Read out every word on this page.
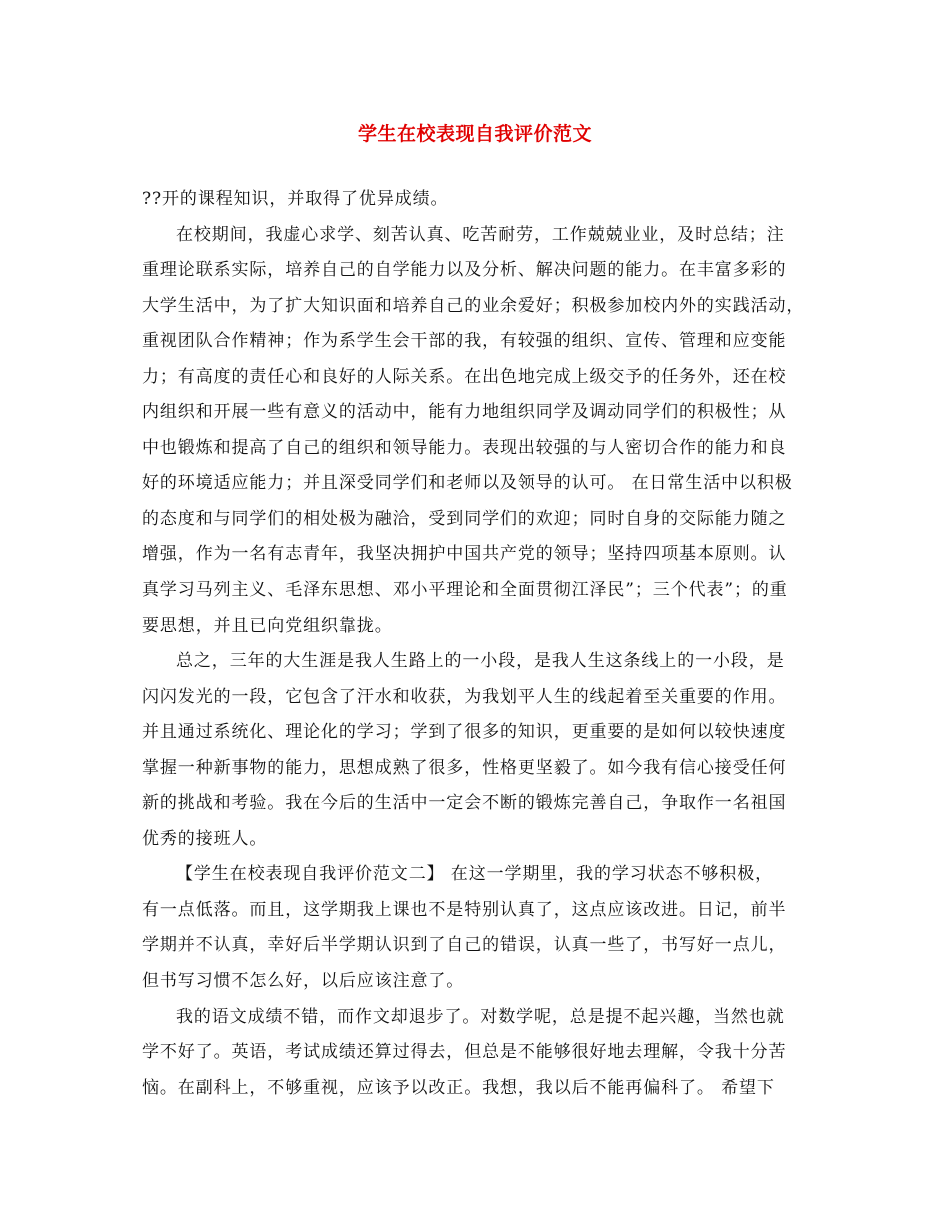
学生在校表现自我评价范文
??开的课程知识，并取得了优异成绩。
在校期间，我虚心求学、刻苦认真、吃苦耐劳，工作兢兢业业，及时总结；注
重理论联系实际，培养自己的自学能力以及分析、解决问题的能力。在丰富多彩的
大学生活中，为了扩大知识面和培养自己的业余爱好；积极参加校内外的实践活动，
重视团队合作精神；作为系学生会干部的我，有较强的组织、宣传、管理和应变能
力；有高度的责任心和良好的人际关系。在出色地完成上级交予的任务外，还在校
内组织和开展一些有意义的活动中，能有力地组织同学及调动同学们的积极性；从
中也锻炼和提高了自己的组织和领导能力。表现出较强的与人密切合作的能力和良
好的环境适应能力；并且深受同学们和老师以及领导的认可。 在日常生活中以积极
的态度和与同学们的相处极为融洽，受到同学们的欢迎；同时自身的交际能力随之
增强，作为一名有志青年，我坚决拥护中国共产党的领导；坚持四项基本原则。认
真学习马列主义、毛泽东思想、邓小平理论和全面贯彻江泽民”；三个代表”；的重
要思想，并且已向党组织靠拢。
总之，三年的大生涯是我人生路上的一小段，是我人生这条线上的一小段，是
闪闪发光的一段，它包含了汗水和收获，为我划平人生的线起着至关重要的作用。
并且通过系统化、理论化的学习；学到了很多的知识，更重要的是如何以较快速度
掌握一种新事物的能力，思想成熟了很多，性格更坚毅了。如今我有信心接受任何
新的挑战和考验。我在今后的生活中一定会不断的锻炼完善自己，争取作一名祖国
优秀的接班人。
【学生在校表现自我评价范文二】 在这一学期里，我的学习状态不够积极，
有一点低落。而且，这学期我上课也不是特别认真了，这点应该改进。日记，前半
学期并不认真，幸好后半学期认识到了自己的错误，认真一些了，书写好一点儿，
但书写习惯不怎么好，以后应该注意了。
我的语文成绩不错，而作文却退步了。对数学呢，总是提不起兴趣，当然也就
学不好了。英语，考试成绩还算过得去，但总是不能够很好地去理解，令我十分苦
恼。在副科上，不够重视，应该予以改正。我想，我以后不能再偏科了。 希望下
